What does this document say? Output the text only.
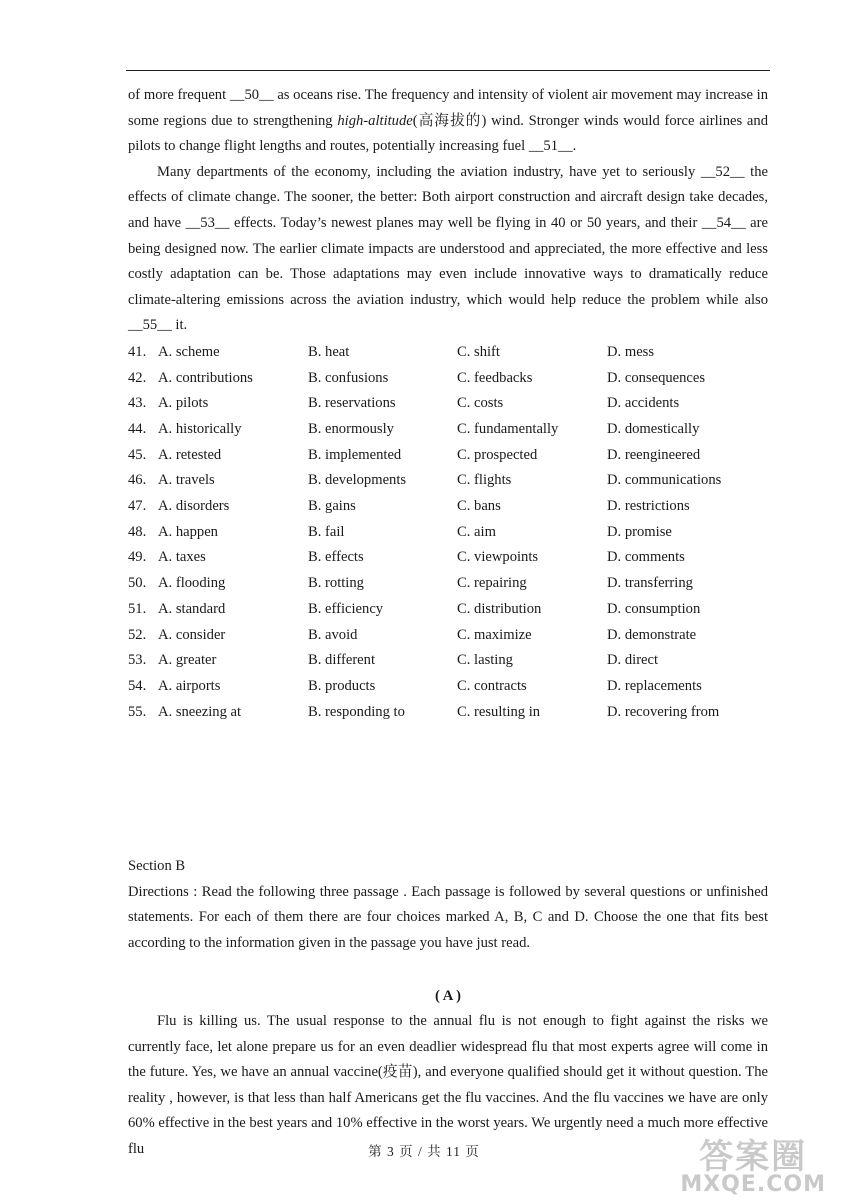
of more frequent __50__ as oceans rise. The frequency and intensity of violent air movement may increase in some regions due to strengthening high-altitude(高海拔的) wind. Stronger winds would force airlines and pilots to change flight lengths and routes, potentially increasing fuel __51__.

Many departments of the economy, including the aviation industry, have yet to seriously __52__ the effects of climate change. The sooner, the better: Both airport construction and aircraft design take decades, and have __53__ effects. Today’s newest planes may well be flying in 40 or 50 years, and their __54__ are being designed now. The earlier climate impacts are understood and appreciated, the more effective and less costly adaptation can be. Those adaptations may even include innovative ways to dramatically reduce climate-altering emissions across the aviation industry, which would help reduce the problem while also __55__ it.

41. A. scheme	B. heat	C. shift	D. mess
42. A. contributions	B. confusions	C. feedbacks	D. consequences
43. A. pilots	B. reservations	C. costs	D. accidents
44. A. historically	B. enormously	C. fundamentally	D. domestically
45. A. retested	B. implemented	C. prospected	D. reengineered
46. A. travels	B. developments	C. flights	D. communications
47. A. disorders	B. gains	C. bans	D. restrictions
48. A. happen	B. fail	C. aim	D. promise
49. A. taxes	B. effects	C. viewpoints	D. comments
50. A. flooding	B. rotting	C. repairing	D. transferring
51. A. standard	B. efficiency	C. distribution	D. consumption
52. A. consider	B. avoid	C. maximize	D. demonstrate
53. A. greater	B. different	C. lasting	D. direct
54. A. airports	B. products	C. contracts	D. replacements
55. A. sneezing at	B. responding to	C. resulting in	D. recovering from

Section B

Directions : Read the following three passage . Each passage is followed by several questions or unfinished statements. For each of them there are four choices marked A, B, C and D. Choose the one that fits best according to the information given in the passage you have just read.

( A )

Flu is killing us. The usual response to the annual flu is not enough to fight against the risks we currently face, let alone prepare us for an even deadlier widespread flu that most experts agree will come in the future. Yes, we have an annual vaccine(疫苗), and everyone qualified should get it without question. The reality , however, is that less than half Americans get the flu vaccines. And the flu vaccines we have are only 60% effective in the best years and 10% effective in the worst years. We urgently need a much more effective flu	第 3 页 / 共 11 页	答案圈
MXQE.COM
